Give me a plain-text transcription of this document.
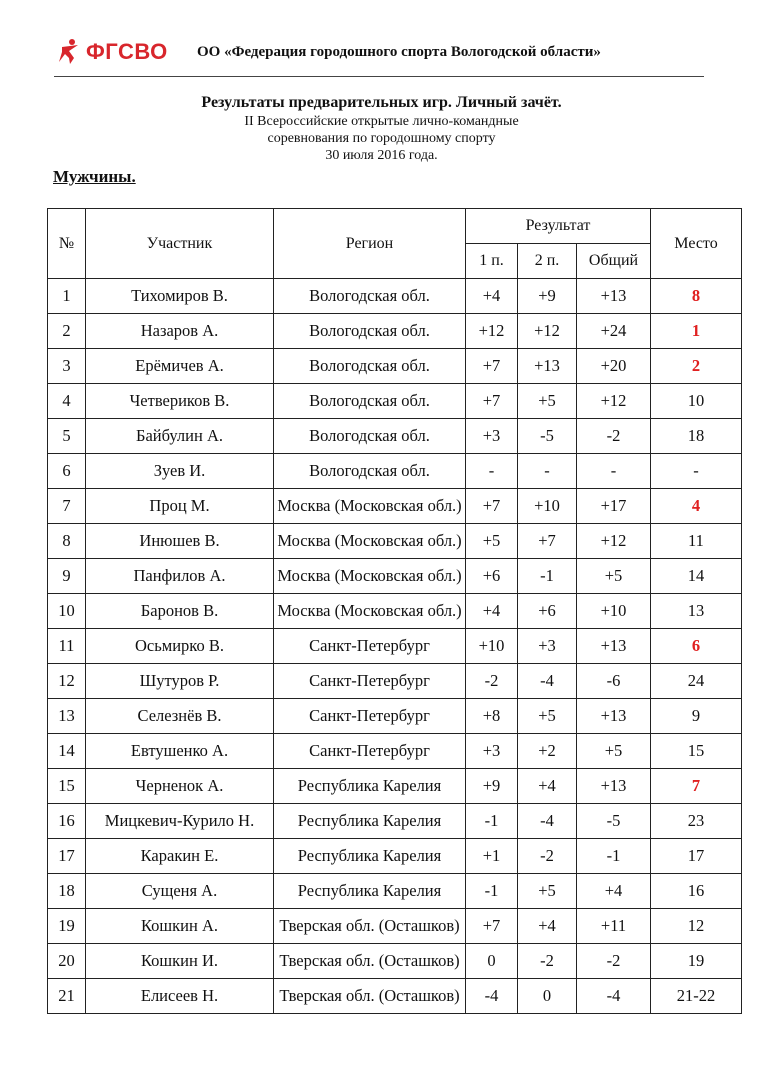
ФГСВО ОО «Федерация городошного спорта Вологодской области»
Результаты предварительных игр. Личный зачёт.
II Всероссийские открытые лично-командные
соревнования по городошному спорту
30 июля 2016 года.
Мужчины.
№	Участник	Регион	Результат			Место
			1 п.	2 п.	Общий	
1	Тихомиров В.	Вологодская обл.	+4	+9	+13	8
2	Назаров А.	Вологодская обл.	+12	+12	+24	1
3	Ерёмичев А.	Вологодская обл.	+7	+13	+20	2
4	Четвериков В.	Вологодская обл.	+7	+5	+12	10
5	Байбулин А.	Вологодская обл.	+3	-5	-2	18
6	Зуев И.	Вологодская обл.	-	-	-	-
7	Проц М.	Москва (Московская обл.)	+7	+10	+17	4
8	Инюшев В.	Москва (Московская обл.)	+5	+7	+12	11
9	Панфилов А.	Москва (Московская обл.)	+6	-1	+5	14
10	Баронов В.	Москва (Московская обл.)	+4	+6	+10	13
11	Осьмирко В.	Санкт-Петербург	+10	+3	+13	6
12	Шутуров Р.	Санкт-Петербург	-2	-4	-6	24
13	Селезнёв В.	Санкт-Петербург	+8	+5	+13	9
14	Евтушенко А.	Санкт-Петербург	+3	+2	+5	15
15	Черненок А.	Республика Карелия	+9	+4	+13	7
16	Мицкевич-Курило Н.	Республика Карелия	-1	-4	-5	23
17	Каракин Е.	Республика Карелия	+1	-2	-1	17
18	Сущеня А.	Республика Карелия	-1	+5	+4	16
19	Кошкин А.	Тверская обл. (Осташков)	+7	+4	+11	12
20	Кошкин И.	Тверская обл. (Осташков)	0	-2	-2	19
21	Елисеев Н.	Тверская обл. (Осташков)	-4	0	-4	21-22
